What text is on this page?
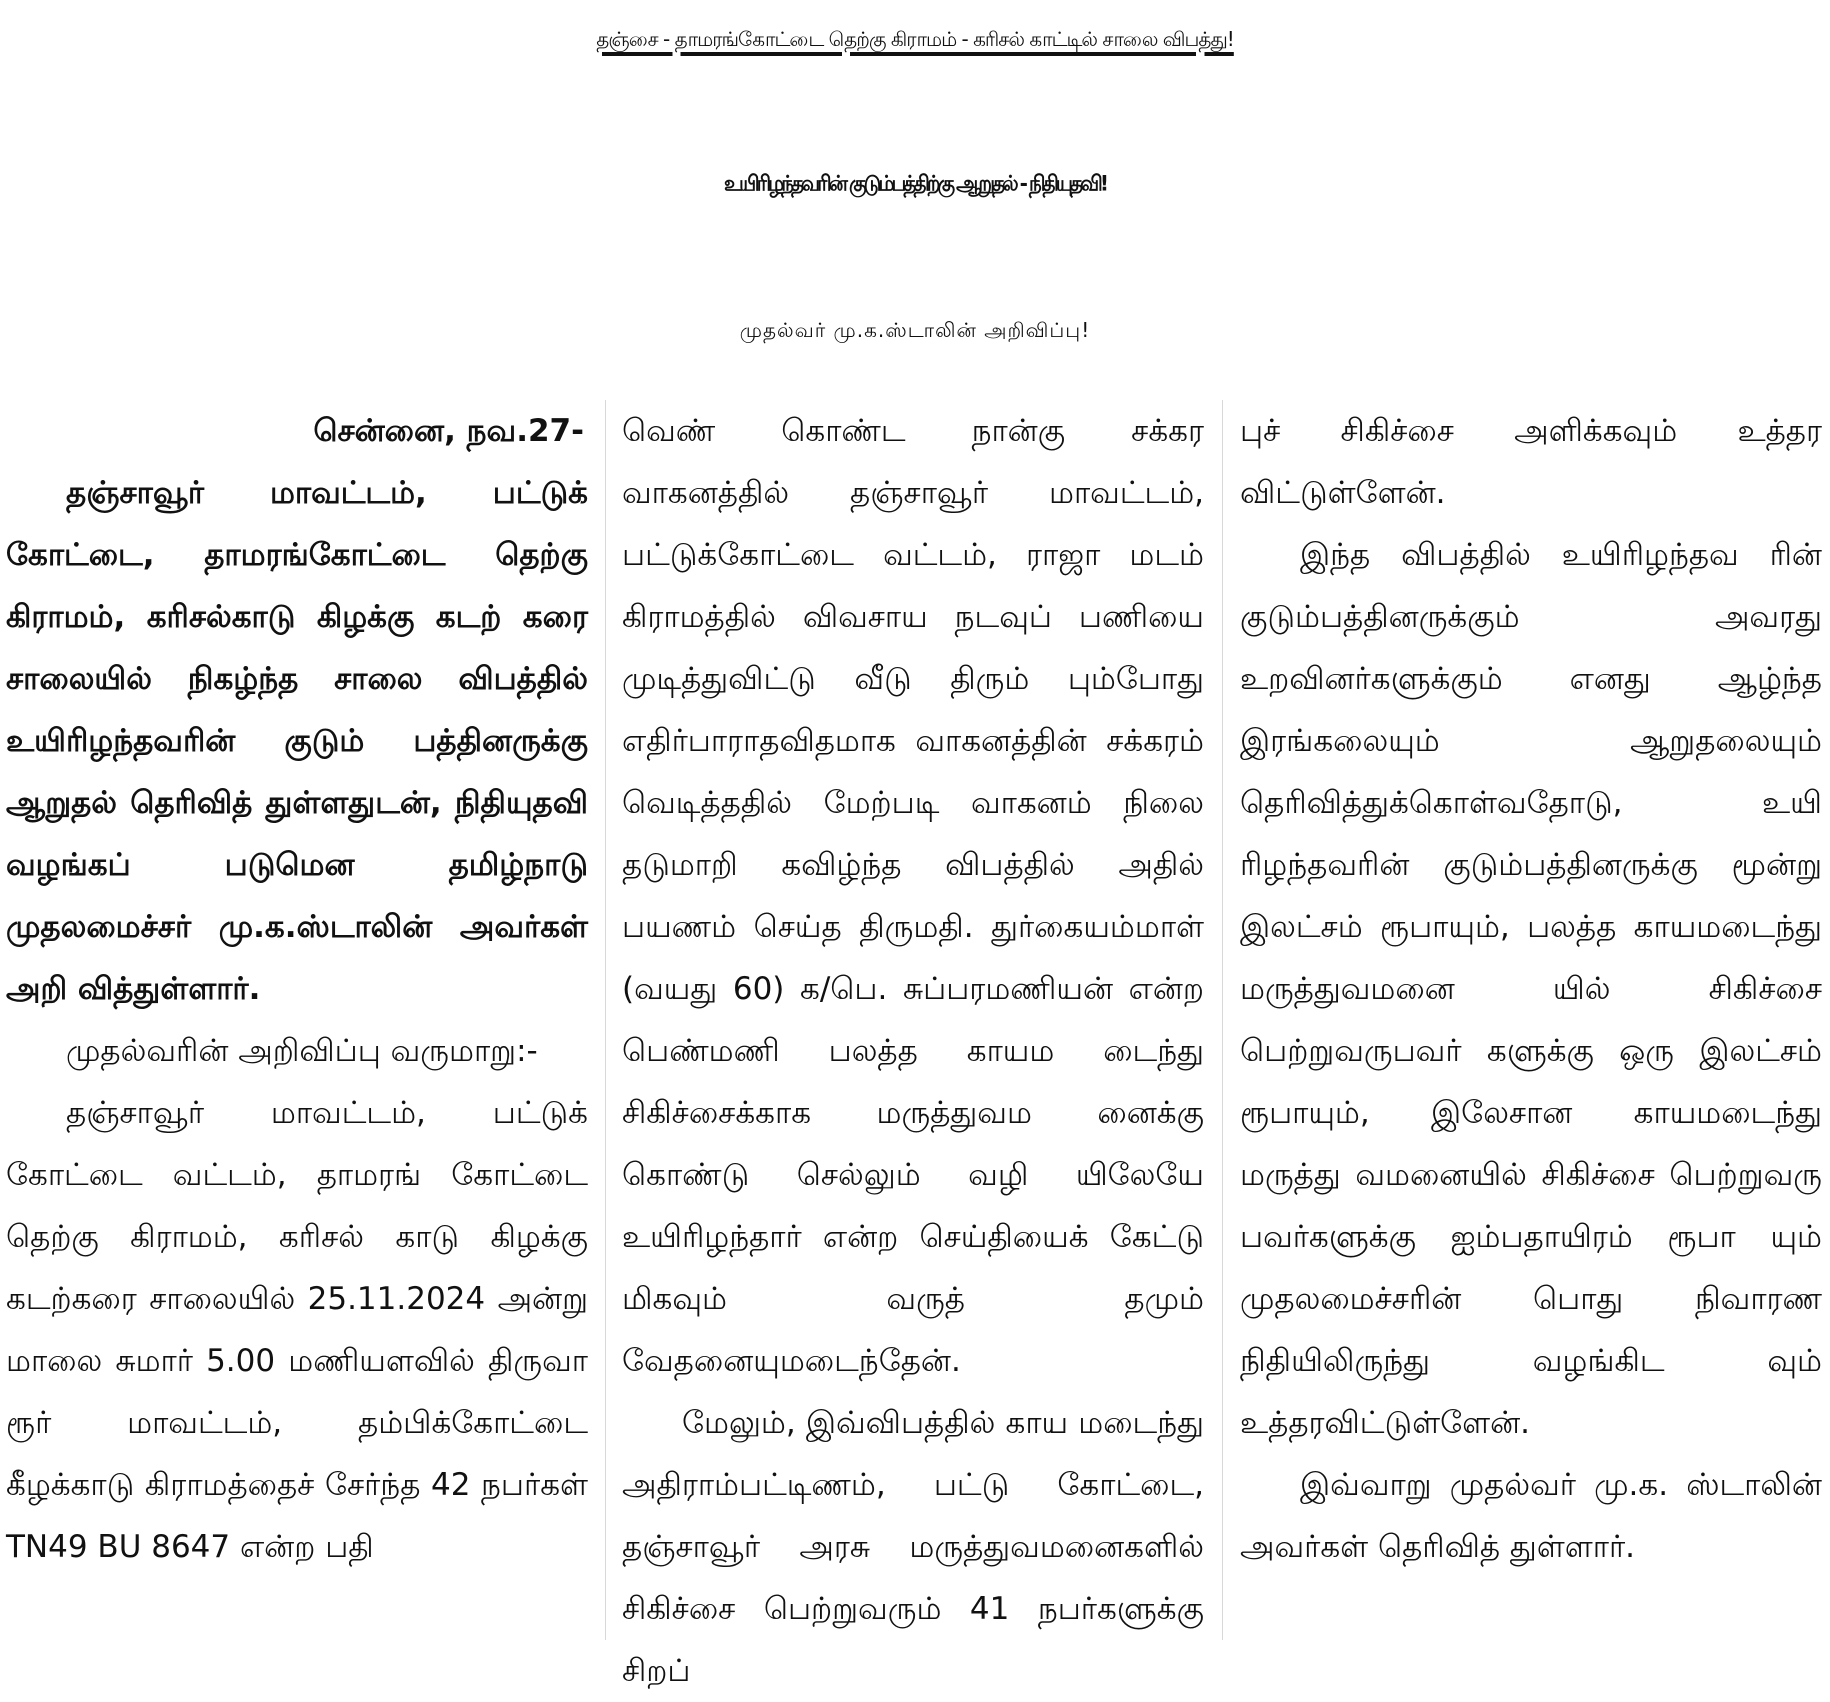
தஞ்சை - தாமரங்கோட்டை தெற்கு கிராமம் - கரிசல் காட்டில் சாலை விபத்து!
உயிரிழந்தவரின் குடும்பத்திற்கு ஆறுதல் - நிதியுதவி!
முதல்வர் மு.க.ஸ்டாலின் அறிவிப்பு!

சென்னை, நவ.27-

தஞ்சாவூர் மாவட்டம், பட்டுக் கோட்டை, தாமரங்கோட்டை தெற்கு கிராமம், கரிசல்காடு கிழக்கு கடற் கரை சாலையில் நிகழ்ந்த சாலை விபத்தில் உயிரிழந்தவரின் குடும் பத்தினருக்கு ஆறுதல் தெரிவித் துள்ளதுடன், நிதியுதவி வழங்கப் படுமென தமிழ்நாடு முதலமைச்சர் மு.க.ஸ்டாலின் அவர்கள் அறி வித்துள்ளார்.

முதல்வரின் அறிவிப்பு வருமாறு:-

தஞ்சாவூர் மாவட்டம், பட்டுக் கோட்டை வட்டம், தாமரங் கோட்டை தெற்கு கிராமம், கரிசல் காடு கிழக்கு கடற்கரை சாலையில் 25.11.2024 அன்று மாலை சுமார் 5.00 மணியளவில் திருவா ரூர் மாவட்டம், தம்பிக்கோட்டை கீழக்காடு கிராமத்தைச் சேர்ந்த 42 நபர்கள் TN49 BU 8647 என்ற பதி

வெண் கொண்ட நான்கு சக்கர வாகனத்தில் தஞ்சாவூர் மாவட்டம், பட்டுக்கோட்டை வட்டம், ராஜா மடம் கிராமத்தில் விவசாய நடவுப் பணியை முடித்துவிட்டு வீடு திரும் பும்போது எதிர்பாராதவிதமாக வாகனத்தின் சக்கரம் வெடித்ததில் மேற்படி வாகனம் நிலை தடுமாறி கவிழ்ந்த விபத்தில் அதில் பயணம் செய்த திருமதி. துர்கையம்மாள் (வயது 60) க/பெ. சுப்பரமணியன் என்ற பெண்மணி பலத்த காயம டைந்து சிகிச்சைக்காக மருத்துவம னைக்கு கொண்டு செல்லும் வழி யிலேயே உயிரிழந்தார் என்ற செய்தியைக் கேட்டு மிகவும் வருத் தமும் வேதனையுமடைந்தேன்.

மேலும், இவ்விபத்தில் காய மடைந்து அதிராம்பட்டிணம், பட்டு கோட்டை, தஞ்சாவூர் அரசு மருத்துவமனைகளில் சிகிச்சை பெற்றுவரும் 41 நபர்களுக்கு சிறப்

புச் சிகிச்சை அளிக்கவும் உத்தர விட்டுள்ளேன்.

இந்த விபத்தில் உயிரிழந்தவ ரின் குடும்பத்தினருக்கும் அவரது உறவினர்களுக்கும் எனது ஆழ்ந்த இரங்கலையும் ஆறுதலையும் தெரிவித்துக்கொள்வதோடு, உயி ரிழந்தவரின் குடும்பத்தினருக்கு மூன்று இலட்சம் ரூபாயும், பலத்த காயமடைந்து மருத்துவமனை யில் சிகிச்சை பெற்றுவருபவர் களுக்கு ஒரு இலட்சம் ரூபாயும், இலேசான காயமடைந்து மருத்து வமனையில் சிகிச்சை பெற்றுவரு பவர்களுக்கு ஐம்பதாயிரம் ரூபா யும் முதலமைச்சரின் பொது நிவாரண நிதியிலிருந்து வழங்கிட வும் உத்தரவிட்டுள்ளேன்.

இவ்வாறு முதல்வர் மு.க. ஸ்டாலின் அவர்கள் தெரிவித் துள்ளார்.
